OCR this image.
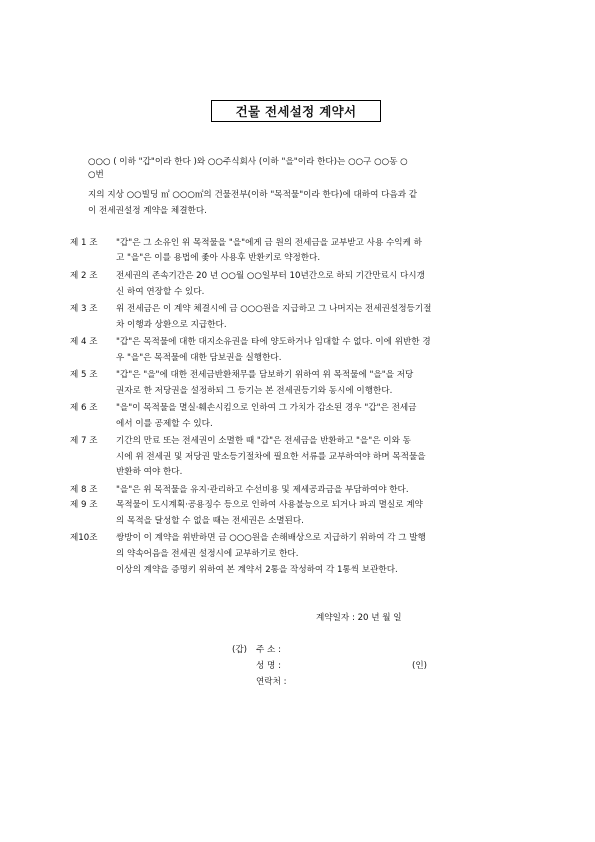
건물 전세설정 계약서
○○○ ( 이하 "갑"이라 한다 )와 ○○주식회사 (이하 "을"이라 한다)는 ○○구 ○○동 ○
○번
지의 지상 ○○빌딩 ㎡ ○○○㎡의 건물전부(이하 "목적물"이라 한다)에 대하여 다음과 같
이 전세권설정 계약을 체결한다.
제 1 조 "갑"은 그 소유인 위 목적물을 "을"에게 금 원의 전세금을 교부받고 사용 수익케 하
고 "을"은 이를 용법에 좇아 사용후 반환키로 약정한다.
제 2 조 전세권의 존속기간은 20 년 ○○월 ○○일부터 10년간으로 하되 기간만료시 다시갱
신 하여 연장할 수 있다.
제 3 조 위 전세금은 이 계약 체결시에 금 ○○○원을 지급하고 그 나머지는 전세권설정등기절
차 이행과 상환으로 지급한다.
제 4 조 "갑"은 목적물에 대한 대지소유권을 타에 양도하거나 임대할 수 없다. 이에 위반한 경
우 "을"은 목적물에 대한 담보권을 실행한다.
제 5 조 "갑"은 "을"에 대한 전세금반환채무를 담보하기 위하여 위 목적물에 "을"을 저당
권자로 한 저당권을 설정하되 그 등기는 본 전세권등기와 동시에 이행한다.
제 6 조 "을"이 목적물을 멸실·훼손시킴으로 인하여 그 가치가 감소된 경우 "갑"은 전세금
에서 이를 공제할 수 있다.
제 7 조 기간의 만료 또는 전세권이 소멸한 때 "갑"은 전세금을 반환하고 "을"은 이와 동
시에 위 전세권 및 저당권 말소등기절차에 필요한 서류를 교부하여야 하며 목적물을
반환하 여야 한다.
제 8 조 "을"은 위 목적물을 유지·관리하고 수선비용 및 제세공과금을 부담하여야 한다.
제 9 조 목적물이 도시계획·공용징수 등으로 인하여 사용불능으로 되거나 파괴 멸실로 계약
의 목적을 달성할 수 없을 때는 전세권은 소멸된다.
제10조 쌍방이 이 계약을 위반하면 금 ○○○원을 손해배상으로 지급하기 위하여 각 그 발행
의 약속어음을 전세권 설정시에 교부하기로 한다.
이상의 계약을 증명키 위하여 본 계약서 2통을 작성하여 각 1통씩 보관한다.
계약일자 : 20 년 월 일
(갑) 주 소 :
성 명 :	(인)
연락처 :
